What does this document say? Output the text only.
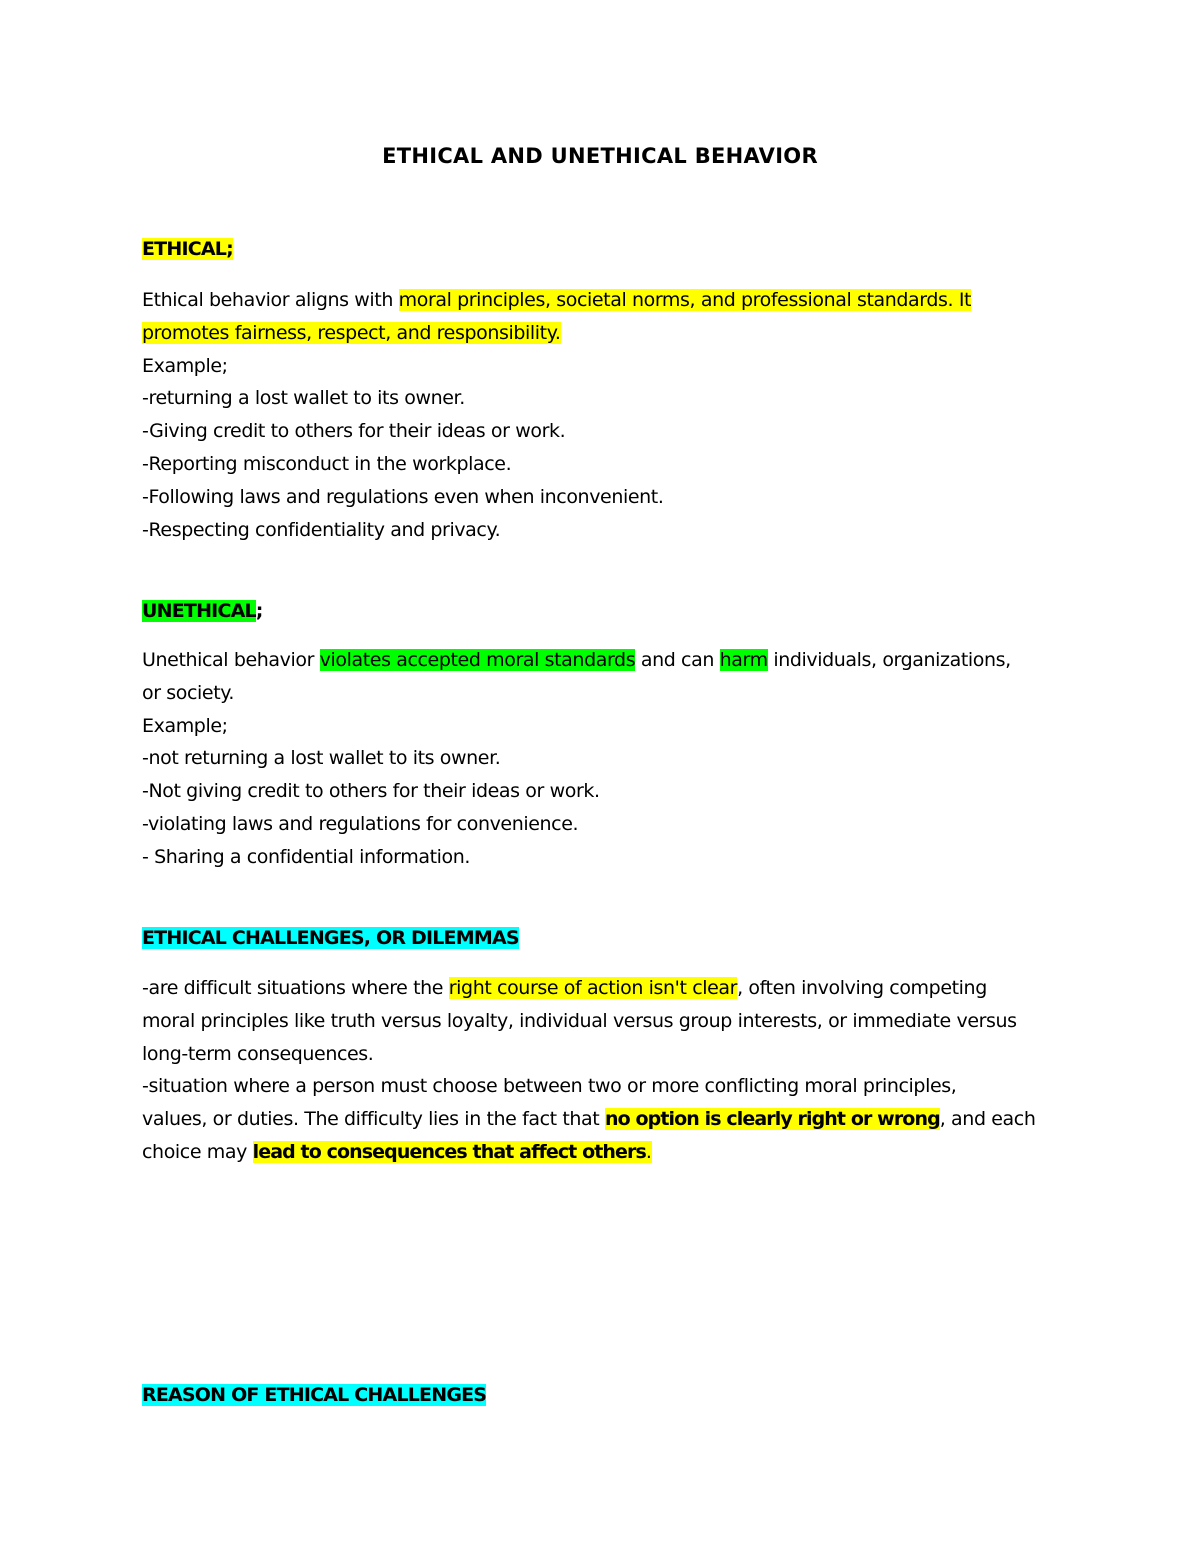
ETHICAL AND UNETHICAL BEHAVIOR
ETHICAL;
Ethical behavior aligns with moral principles, societal norms, and professional standards. It
promotes fairness, respect, and responsibility.
Example;
-returning a lost wallet to its owner.
-Giving credit to others for their ideas or work.
-Reporting misconduct in the workplace.
-Following laws and regulations even when inconvenient.
-Respecting confidentiality and privacy.
UNETHICAL;
Unethical behavior violates accepted moral standards and can harm individuals, organizations,
or society.
Example;
-not returning a lost wallet to its owner.
-Not giving credit to others for their ideas or work.
-violating laws and regulations for convenience.
- Sharing a confidential information.
ETHICAL CHALLENGES, OR DILEMMAS
-are difficult situations where the right course of action isn't clear, often involving competing
moral principles like truth versus loyalty, individual versus group interests, or immediate versus
long-term consequences.
-situation where a person must choose between two or more conflicting moral principles,
values, or duties. The difficulty lies in the fact that no option is clearly right or wrong, and each
choice may lead to consequences that affect others.
REASON OF ETHICAL CHALLENGES
